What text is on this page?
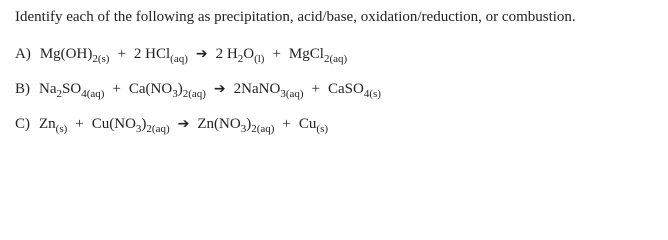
Identify each of the following as precipitation, acid/base, oxidation/reduction, or combustion.
A) $Mg(OH)_{2(s)} + 2$ HCl$_{(aq)}$ ➔ 2 $H_2O_{(l)}$ + MgCl$_{2(aq)}$
B) $Na_2SO_{4(aq)} + Ca(NO_3)_{2(aq)}$ ➔ 2NaNO$_{3(aq)}$ + CaSO$_{4(s)}$
C) $Zn_{(s)} + Cu(NO_3)_{2(aq)}$ ➔ $Zn(NO_3)_{2(aq)} + Cu_{(s)}$
